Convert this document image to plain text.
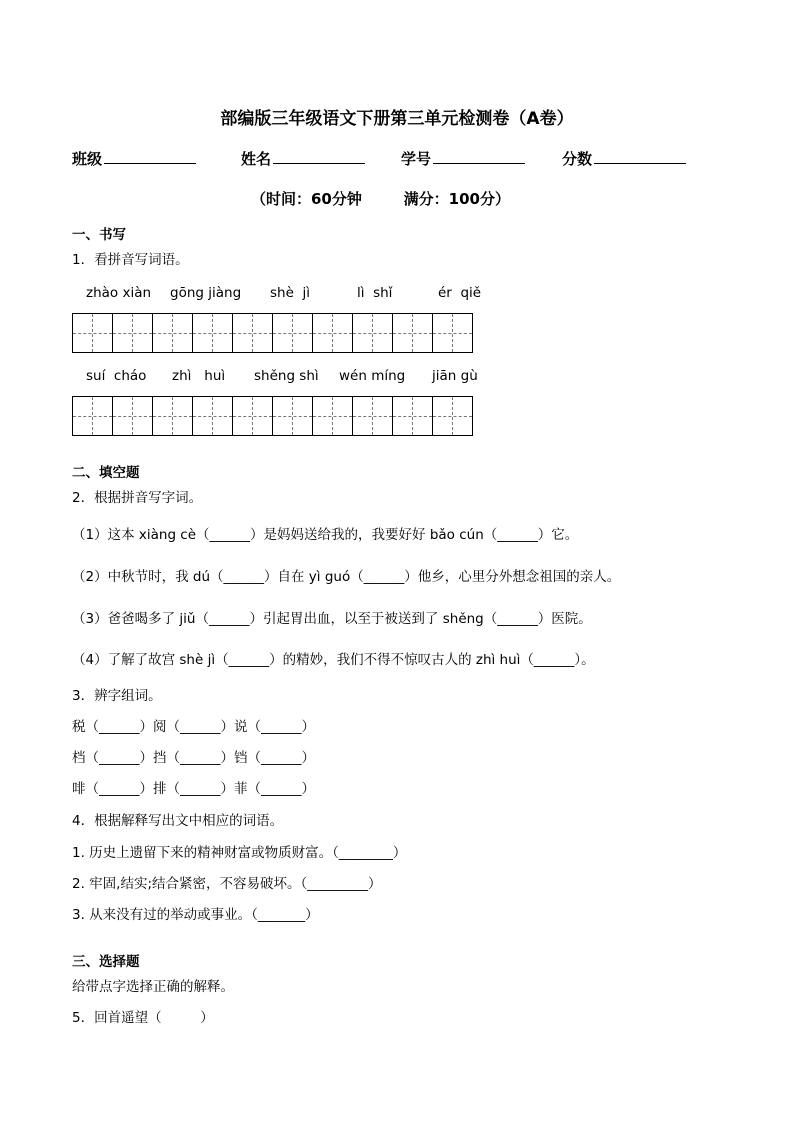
部编版三年级语文下册第三单元检测卷（A卷）
班级	姓名	学号	分数
（时间：60分钟        满分：100分）
一、书写
1．看拼音写词语。
zhào xiàn gōng jiàng shè  jì	lì  shǐ	ér  qiě
suí  cháo zhì   huì shěng shì wén míng jiān gù
二、填空题
2．根据拼音写字词。
（1）这本 xiàng cè（______）是妈妈送给我的，我要好好 bǎo cún（______）它。
（2）中秋节时，我 dú（______）自在 yì guó（______）他乡，心里分外想念祖国的亲人。
（3）爸爸喝多了 jiǔ（______）引起胃出血，以至于被送到了 shěng（______）医院。
（4）了解了故宫 shè jì（______）的精妙，我们不得不惊叹古人的 zhì huì（______）。
3．辨字组词。
税（______）阅（______）说（______）
档（______）挡（______）铛（______）
啡（______）排（______）菲（______）
4．根据解释写出文中相应的词语。
1. 历史上遗留下来的精神财富或物质财富。（________）
2. 牢固,结实;结合紧密，不容易破坏。（_________）
3. 从来没有过的举动或事业。（_______）
三、选择题
给带点字选择正确的解释。
5．回首遥望（         ）
